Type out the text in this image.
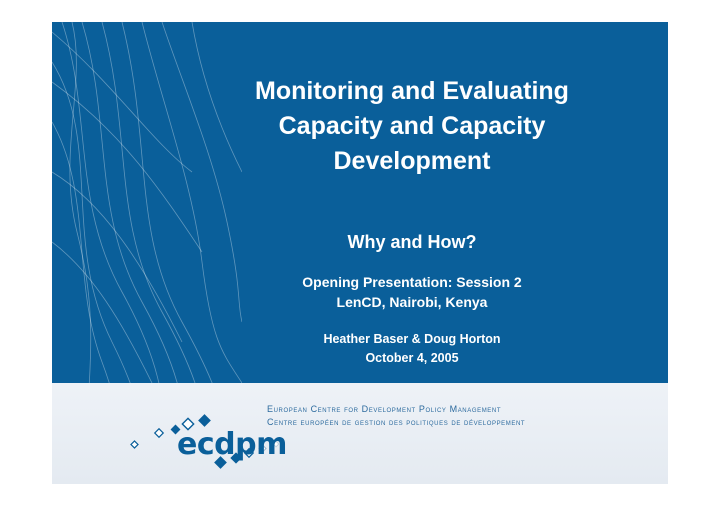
Monitoring and Evaluating
Capacity and Capacity
Development
Why and How?
Opening Presentation: Session 2
LenCD, Nairobi, Kenya
Heather Baser & Doug Horton
October 4, 2005
ecdpm
European Centre for Development Policy Management
Centre européen de gestion des politiques de développement
